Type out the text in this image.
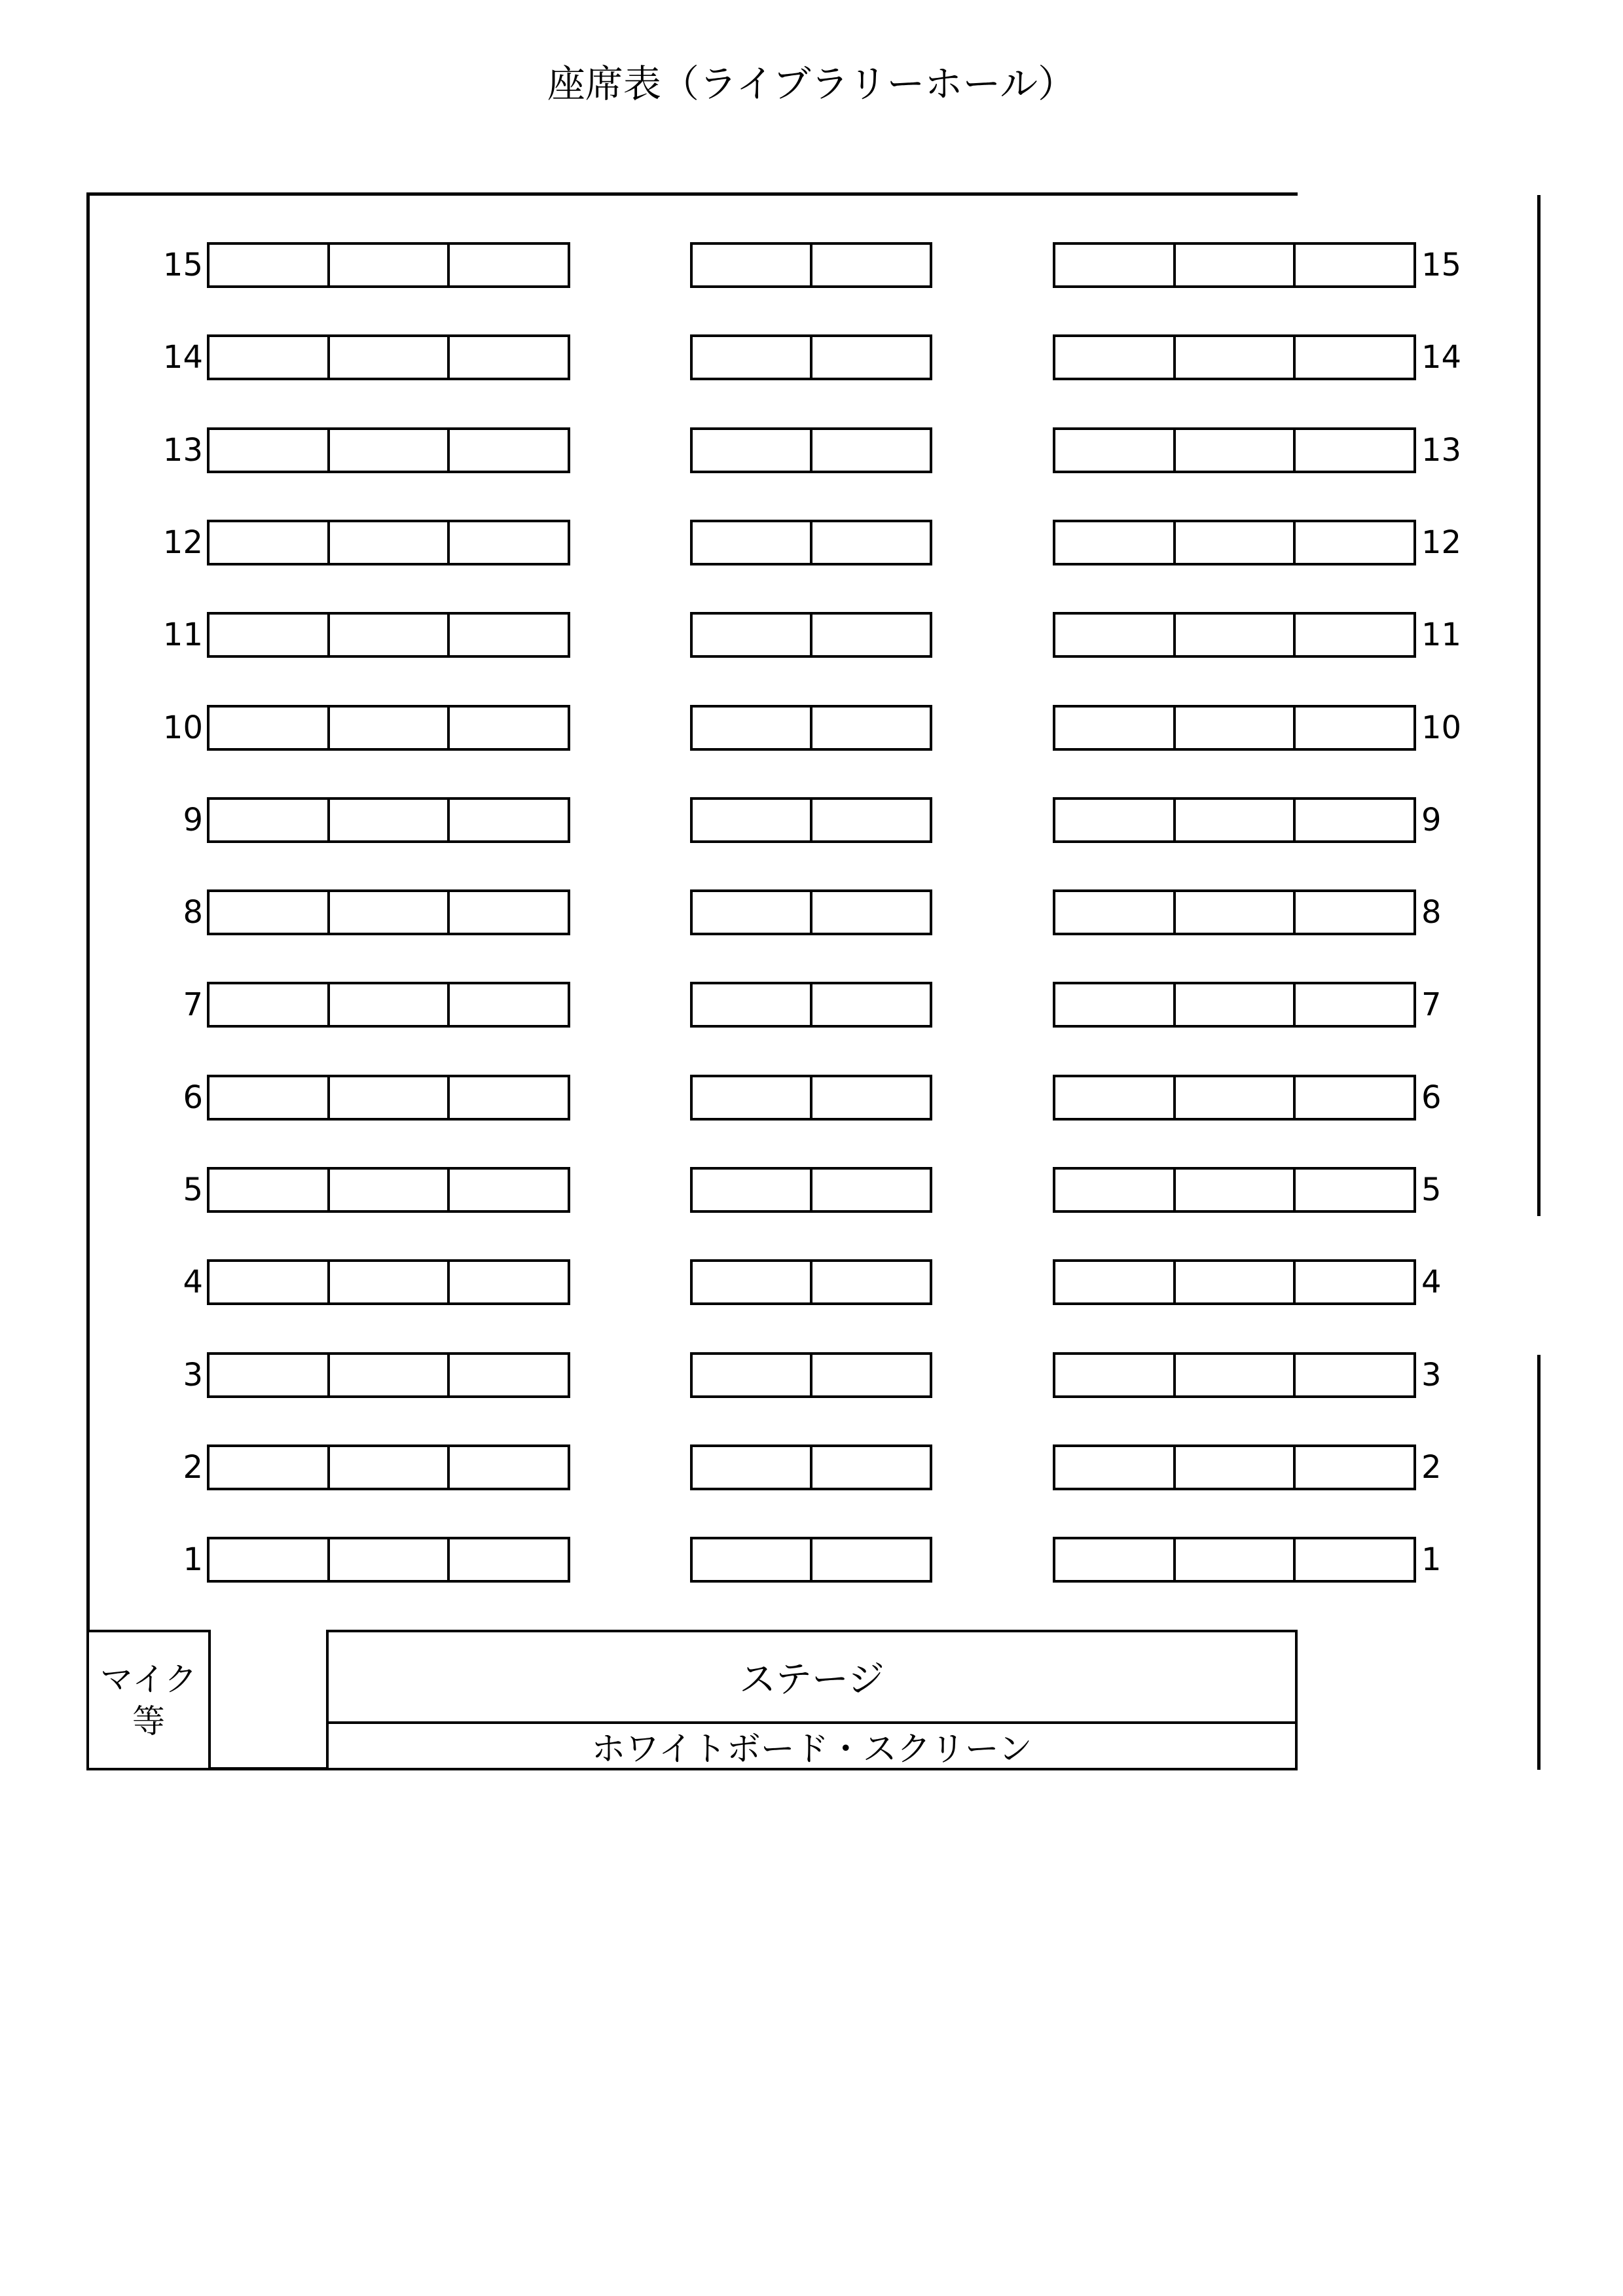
座席表（ライブラリーホール）
15	15
14	14
13	13
12	12
11	11
10	10
9	9
8	8
7	7
6	6
5	5
4	4
3	3
2	2
1	1
マイク
等
ステージ
ホワイトボード・スクリーン
